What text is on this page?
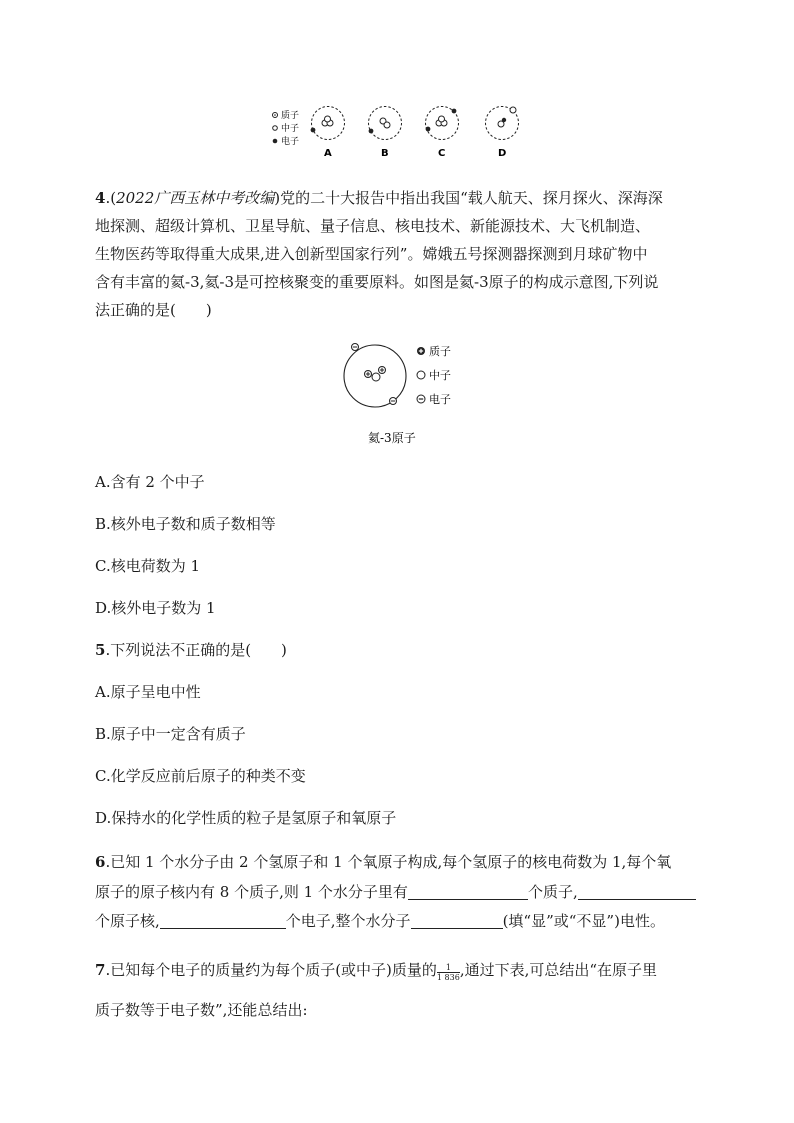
质子
中子
电子
A	B	C	D
4.(2022广西玉林中考改编)党的二十大报告中指出我国“载人航天、探月探火、深海深
地探测、超级计算机、卫星导航、量子信息、核电技术、新能源技术、大飞机制造、
生物医药等取得重大成果,进入创新型国家行列”。嫦娥五号探测器探测到月球矿物中
含有丰富的氦-3,氦-3是可控核聚变的重要原料。如图是氦-3原子的构成示意图,下列说
法正确的是(　　)
质子
中子
电子
氦-3原子
A.含有 2 个中子
B.核外电子数和质子数相等
C.核电荷数为 1
D.核外电子数为 1
5.下列说法不正确的是(　　)
A.原子呈电中性
B.原子中一定含有质子
C.化学反应前后原子的种类不变
D.保持水的化学性质的粒子是氢原子和氧原子
6.已知 1 个水分子由 2 个氢原子和 1 个氧原子构成,每个氢原子的核电荷数为 1,每个氧
原子的原子核内有 8 个质子,则 1 个水分子里有	个质子,
个原子核,	个电子,整个水分子	(填“显”或“不显”)电性。
7.已知每个电子的质量约为每个质子(或中子)质量的 $\frac{1}{1 836}$ ,通过下表,可总结出“在原子里
质子数等于电子数”,还能总结出:
